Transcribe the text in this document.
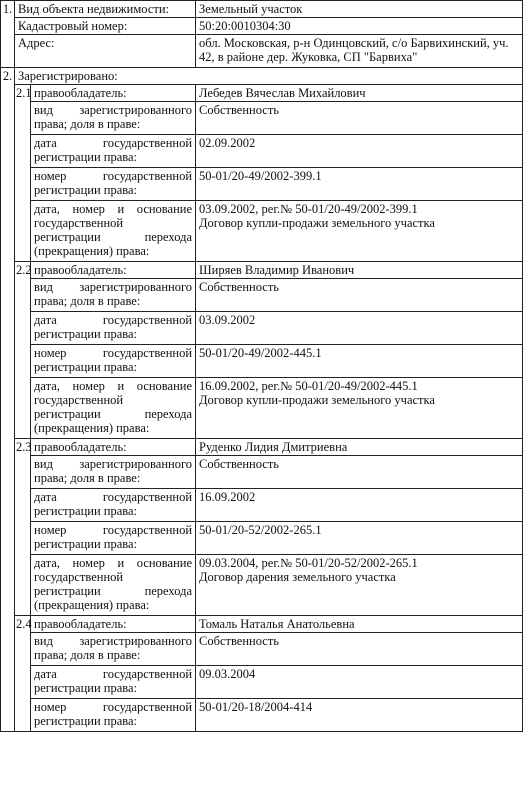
1.	Вид объекта недвижимости:		Земельный участок
	Кадастровый номер:		50:20:0010304:30
	Адрес:		обл. Московская, р-н Одинцовский, с/о Барвихинский, уч. 42, в районе дер. Жуковка, СП "Барвиха"
2.	Зарегистрировано:		
	2.1	правообладатель:	Лебедев Вячеслав Михайлович
		вид зарегистрированного права; доля в праве:	Собственность
		дата государственной регистрации права:	02.09.2002
		номер государственной регистрации права:	50-01/20-49/2002-399.1
		дата, номер и основание государственной регистрации перехода (прекращения) права:	03.09.2002, рег.№ 50-01/20-49/2002-399.1
Договор купли-продажи земельного участка

	2.2	правообладатель:	Ширяев Владимир Иванович
		вид зарегистрированного права; доля в праве:	Собственность
		дата государственной регистрации права:	03.09.2002
		номер государственной регистрации права:	50-01/20-49/2002-445.1
		дата, номер и основание государственной регистрации перехода (прекращения) права:	16.09.2002, рег.№ 50-01/20-49/2002-445.1
Договор купли-продажи земельного участка

	2.3	правообладатель:	Руденко Лидия Дмитриевна
		вид зарегистрированного права; доля в праве:	Собственность
		дата государственной регистрации права:	16.09.2002
		номер государственной регистрации права:	50-01/20-52/2002-265.1
		дата, номер и основание государственной регистрации перехода (прекращения) права:	09.03.2004, рег.№ 50-01/20-52/2002-265.1
Договор дарения земельного участка

	2.4	правообладатель:	Томаль Наталья Анатольевна
		вид зарегистрированного права; доля в праве:	Собственность
		дата государственной регистрации права:	09.03.2004
		номер государственной регистрации права:	50-01/20-18/2004-414
